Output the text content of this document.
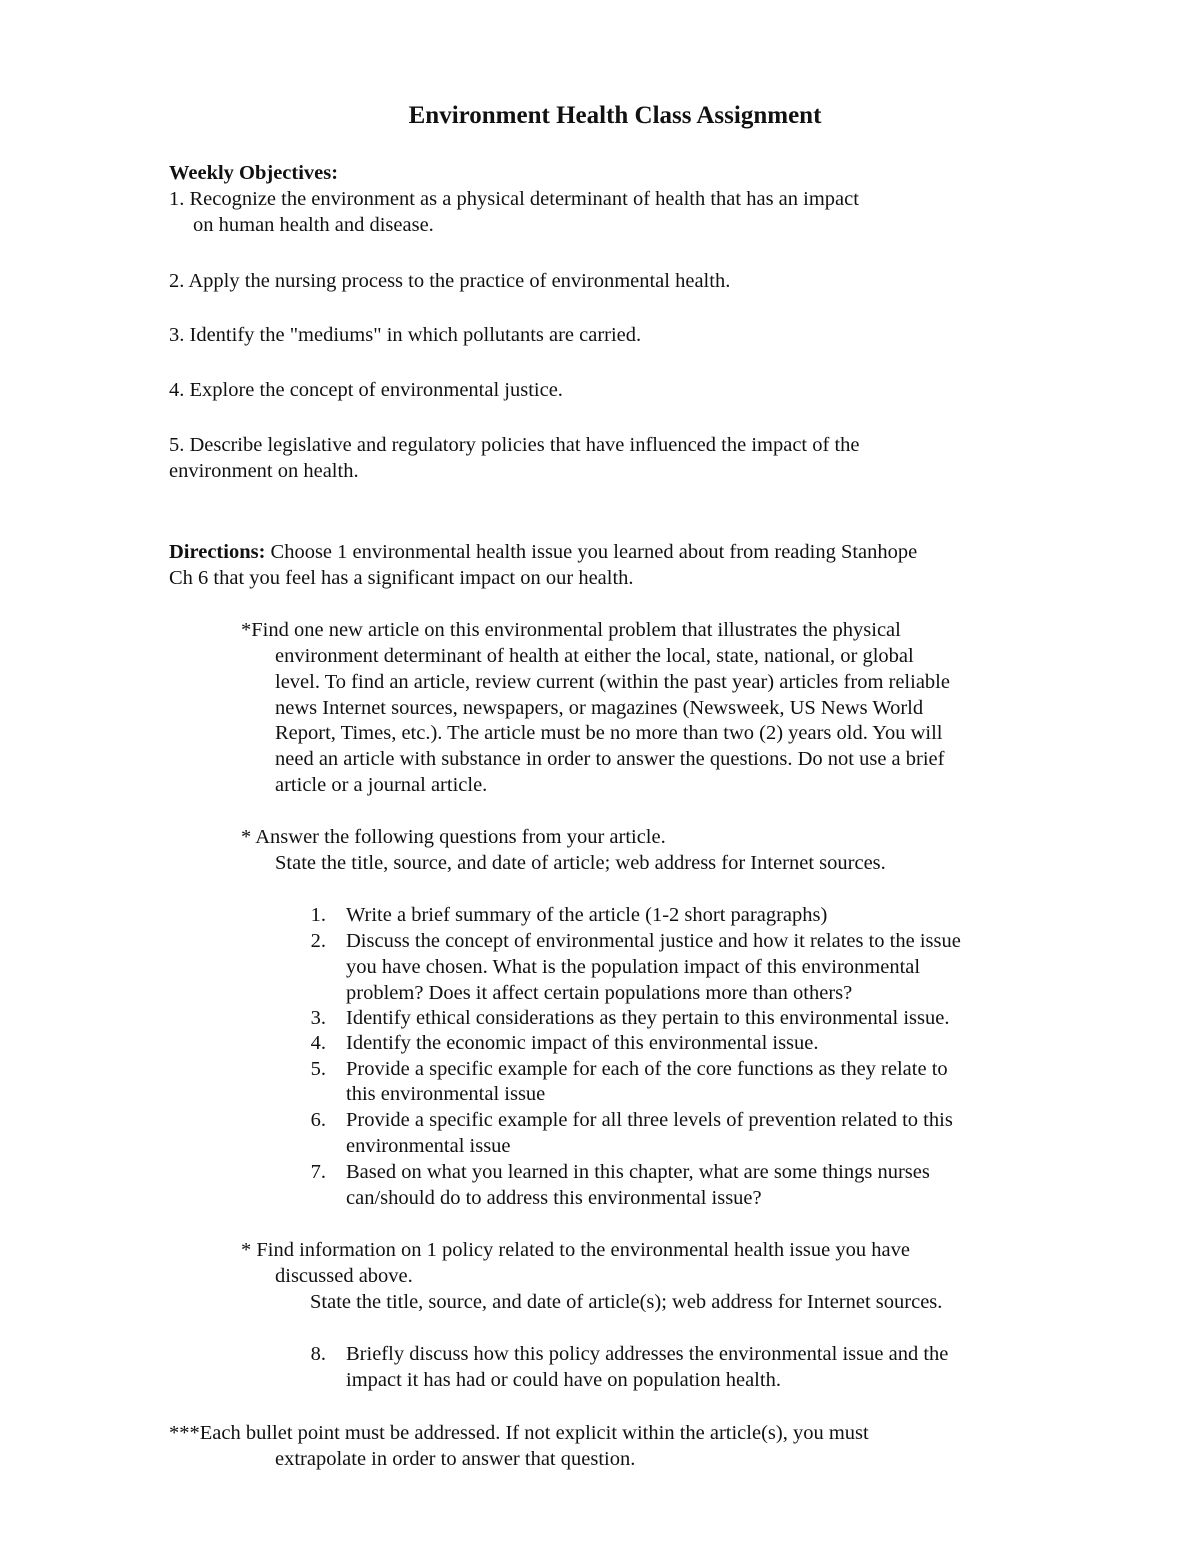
Environment Health Class Assignment
Weekly Objectives:
1. Recognize the environment as a physical determinant of health that has an impact
on human health and disease.
2. Apply the nursing process to the practice of environmental health.
3. Identify the "mediums" in which pollutants are carried.
4. Explore the concept of environmental justice.
5. Describe legislative and regulatory policies that have influenced the impact of the
environment on health.
Directions: Choose 1 environmental health issue you learned about from reading Stanhope
Ch 6 that you feel has a significant impact on our health.
*Find one new article on this environmental problem that illustrates the physical
environment determinant of health at either the local, state, national, or global
level. To find an article, review current (within the past year) articles from reliable
news Internet sources, newspapers, or magazines (Newsweek, US News World
Report, Times, etc.). The article must be no more than two (2) years old. You will
need an article with substance in order to answer the questions. Do not use a brief
article or a journal article.
* Answer the following questions from your article.
State the title, source, and date of article; web address for Internet sources.
1. Write a brief summary of the article (1-2 short paragraphs)
2. Discuss the concept of environmental justice and how it relates to the issue
you have chosen. What is the population impact of this environmental
problem? Does it affect certain populations more than others?
3. Identify ethical considerations as they pertain to this environmental issue.
4. Identify the economic impact of this environmental issue.
5. Provide a specific example for each of the core functions as they relate to
this environmental issue
6. Provide a specific example for all three levels of prevention related to this
environmental issue
7. Based on what you learned in this chapter, what are some things nurses
can/should do to address this environmental issue?
* Find information on 1 policy related to the environmental health issue you have
discussed above.
State the title, source, and date of article(s); web address for Internet sources.
8. Briefly discuss how this policy addresses the environmental issue and the
impact it has had or could have on population health.
***Each bullet point must be addressed. If not explicit within the article(s), you must
extrapolate in order to answer that question.
